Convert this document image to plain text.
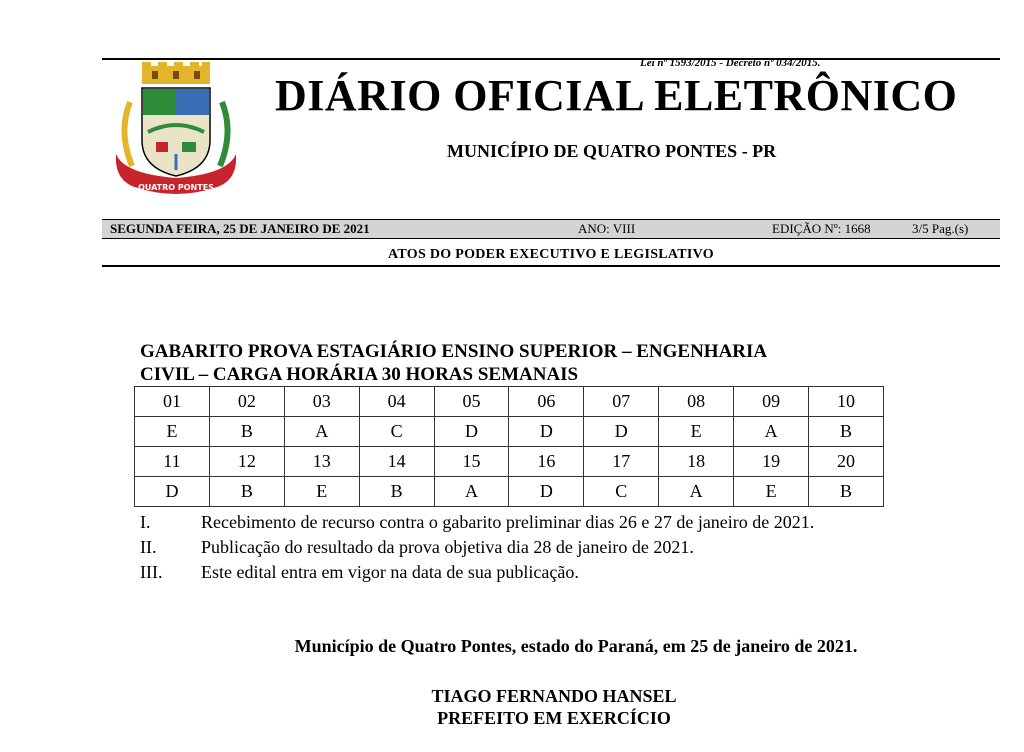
Lei nº 1593/2015 - Decreto nº 034/2015.
QUATRO PONTES
DIÁRIO OFICIAL ELETRÔNICO
MUNICÍPIO DE QUATRO PONTES - PR
SEGUNDA FEIRA, 25 DE JANEIRO DE 2021	ANO: VIII	EDIÇÃO Nº: 1668	3/5 Pag.(s)
ATOS DO PODER EXECUTIVO E LEGISLATIVO
GABARITO PROVA ESTAGIÁRIO ENSINO SUPERIOR – ENGENHARIA
CIVIL – CARGA HORÁRIA 30 HORAS SEMANAIS
01	02	03	04	05	06	07	08	09	10
E	B	A	C	D	D	D	E	A	B
11	12	13	14	15	16	17	18	19	20
D	B	E	B	A	D	C	A	E	B
I.	Recebimento de recurso contra o gabarito preliminar dias 26 e 27 de janeiro de 2021.
II.	Publicação do resultado da prova objetiva dia 28 de janeiro de 2021.
III.	Este edital entra em vigor na data de sua publicação.
Município de Quatro Pontes, estado do Paraná, em 25 de janeiro de 2021.
TIAGO FERNANDO HANSEL
PREFEITO EM EXERCÍCIO
